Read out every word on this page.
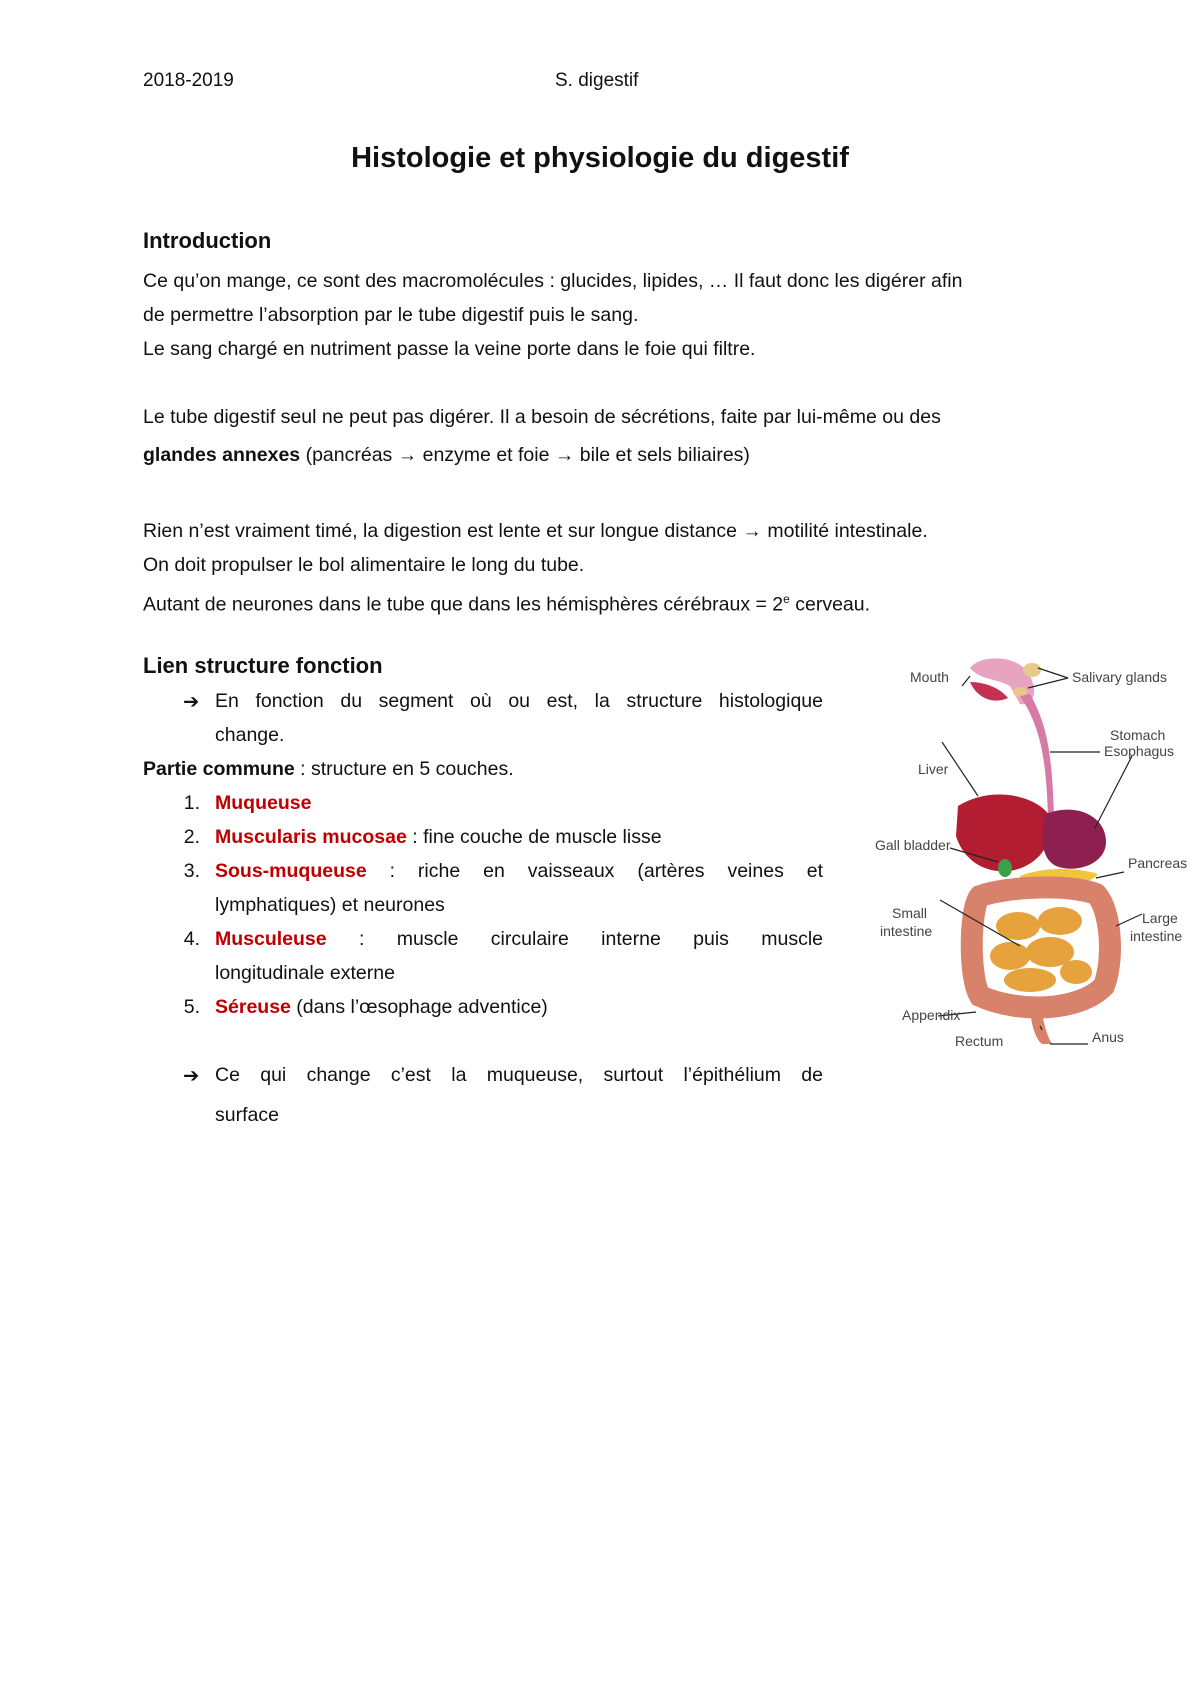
2018-2019	S. digestif
Histologie et physiologie du digestif
Introduction
Ce qu’on mange, ce sont des macromolécules : glucides, lipides, … Il faut donc les digérer afin
de permettre l’absorption par le tube digestif puis le sang.
Le sang chargé en nutriment passe la veine porte dans le foie qui filtre.
Le tube digestif seul ne peut pas digérer. Il a besoin de sécrétions, faite par lui-même ou des
glandes annexes (pancréas → enzyme et foie → bile et sels biliaires)
Rien n’est vraiment timé, la digestion est lente et sur longue distance → motilité intestinale.
On doit propulser le bol alimentaire le long du tube.
Autant de neurones dans le tube que dans les hémisphères cérébraux = $2^e$ cerveau.
Lien structure fonction
➔ En fonction du segment où ou est, la structure histologique
change.
Partie commune : structure en 5 couches.
1. Muqueuse
2. Muscularis mucosae : fine couche de muscle lisse
3. Sous-muqueuse : riche en vaisseaux (artères veines et
lymphatiques) et neurones
4. Musculeuse : muscle circulaire interne puis muscle
longitudinale externe
5. Séreuse (dans l’œsophage adventice)
➔ Ce qui change c’est la muqueuse, surtout l’épithélium de
surface
Salivary glands
Mouth
Esophagus
Liver
Stomach
Gall bladder
Pancreas
Small
intestine
Large
intestine
Appendix
Rectum	Anus
